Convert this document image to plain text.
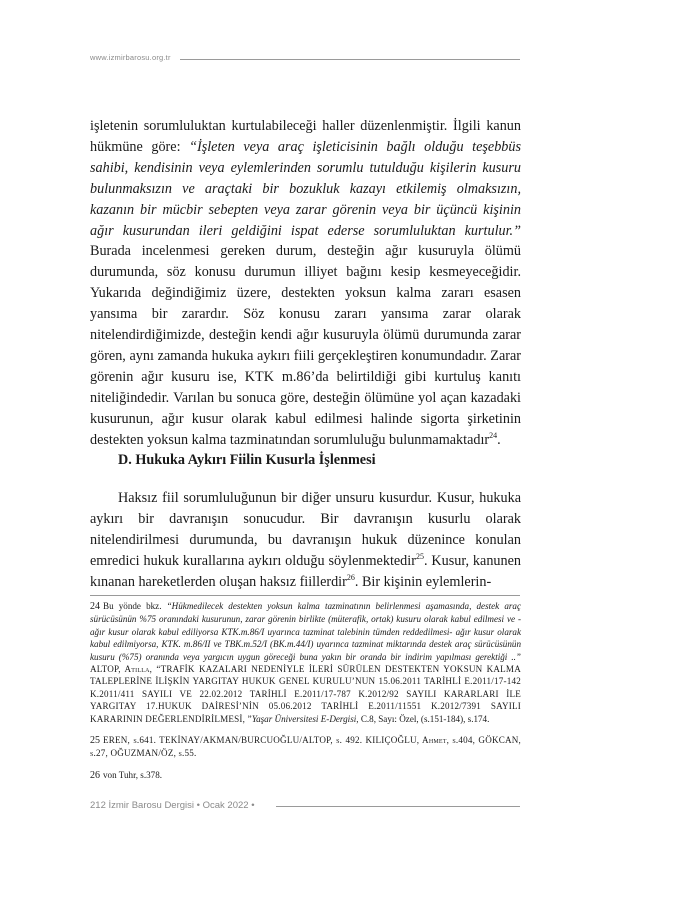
www.izmirbarosu.org.tr

işletenin sorumluluktan kurtulabileceği haller düzenlenmiştir. İlgili kanun hükmüne göre: “İşleten veya araç işleticisinin bağlı olduğu teşebbüs sahibi, kendisinin veya eylemlerinden sorumlu tutulduğu kişilerin kusuru bulunmaksızın ve araçtaki bir bozukluk kazayı etkilemiş olmaksızın, kazanın bir mücbir sebepten veya zarar görenin veya bir üçüncü kişinin ağır kusurundan ileri geldiğini ispat ederse sorumluluktan kurtulur.” Burada incelenmesi gereken durum, desteğin ağır kusuruyla ölümü durumunda, söz konusu durumun illiyet bağını kesip kesmeyeceğidir. Yukarıda değindiğimiz üzere, destekten yoksun kalma zararı esasen yansıma bir zarardır. Söz konusu zararı yansıma zarar olarak nitelendirdiğimizde, desteğin kendi ağır kusuruyla ölümü durumunda zarar gören, aynı zamanda hukuka aykırı fiili gerçekleştiren konumundadır. Zarar görenin ağır kusuru ise, KTK m.86’da belirtildiği gibi kurtuluş kanıtı niteliğindedir. Varılan bu sonuca göre, desteğin ölümüne yol açan kazadaki kusurunun, ağır kusur olarak kabul edilmesi halinde sigorta şirketinin destekten yoksun kalma tazminatından sorumluluğu bulunmamaktadır$^{24}$.

D. Hukuka Aykırı Fiilin Kusurla İşlenmesi

Haksız fiil sorumluluğunun bir diğer unsuru kusurdur. Kusur, hukuka aykırı bir davranışın sonucudur. Bir davranışın kusurlu olarak nitelendirilmesi durumunda, bu davranışın hukuk düzenince konulan emredici hukuk kurallarına aykırı olduğu söylenmektedir$^{25}$. Kusur, kanunen kınanan hareketlerden oluşan haksız fiillerdir$^{26}$. Bir kişinin eylemlerin-

24 Bu yönde bkz. “Hükmedilecek destekten yoksun kalma tazminatının belirlenmesi aşamasında, destek araç sürücüsünün %75 oranındaki kusurunun, zarar görenin birlikte (müterafik, ortak) kusuru olarak kabul edilmesi ve -ağır kusur olarak kabul ediliyorsa KTK.m.86/I uyarınca tazminat talebinin tümden reddedilmesi- ağır kusur olarak kabul edilmiyorsa, KTK. m.86/II ve TBK.m.52/I (BK.m.44/I) uyarınca tazminat miktarında destek araç sürücüsünün kusuru (%75) oranında veya yargıcın uygun göreceği buna yakın bir oranda bir indirim yapılması gerektiği ..” ALTOP, Atilla, “TRAFİK KAZALARI NEDENİYLE İLERİ SÜRÜLEN DESTEKTEN YOKSUN KALMA TALEPLERİNE İLİŞKİN YARGITAY HUKUK GENEL KURULU’NUN 15.06.2011 TARİHLİ E.2011/17-142 K.2011/411 SAYILI VE 22.02.2012 TARİHLİ E.2011/17-787 K.2012/92 SAYILI KARARLARI İLE YARGITAY 17.HUKUK DAİRESİ’NİN 05.06.2012 TARİHLİ E.2011/11551 K.2012/7391 SAYILI KARARININ DEĞERLENDİRİLMESİ, ”Yaşar Üniversitesi E-Dergisi, C.8, Sayı: Özel, (s.151-184), s.174.

25 EREN, s.641. TEKİNAY/AKMAN/BURCUOĞLU/ALTOP, s. 492. KILIÇOĞLU, Ahmet, s.404, GÖKCAN, s.27, OĞUZMAN/ÖZ, s.55.

26 von Tuhr, s.378.

212 İzmir Barosu Dergisi • Ocak 2022 •
